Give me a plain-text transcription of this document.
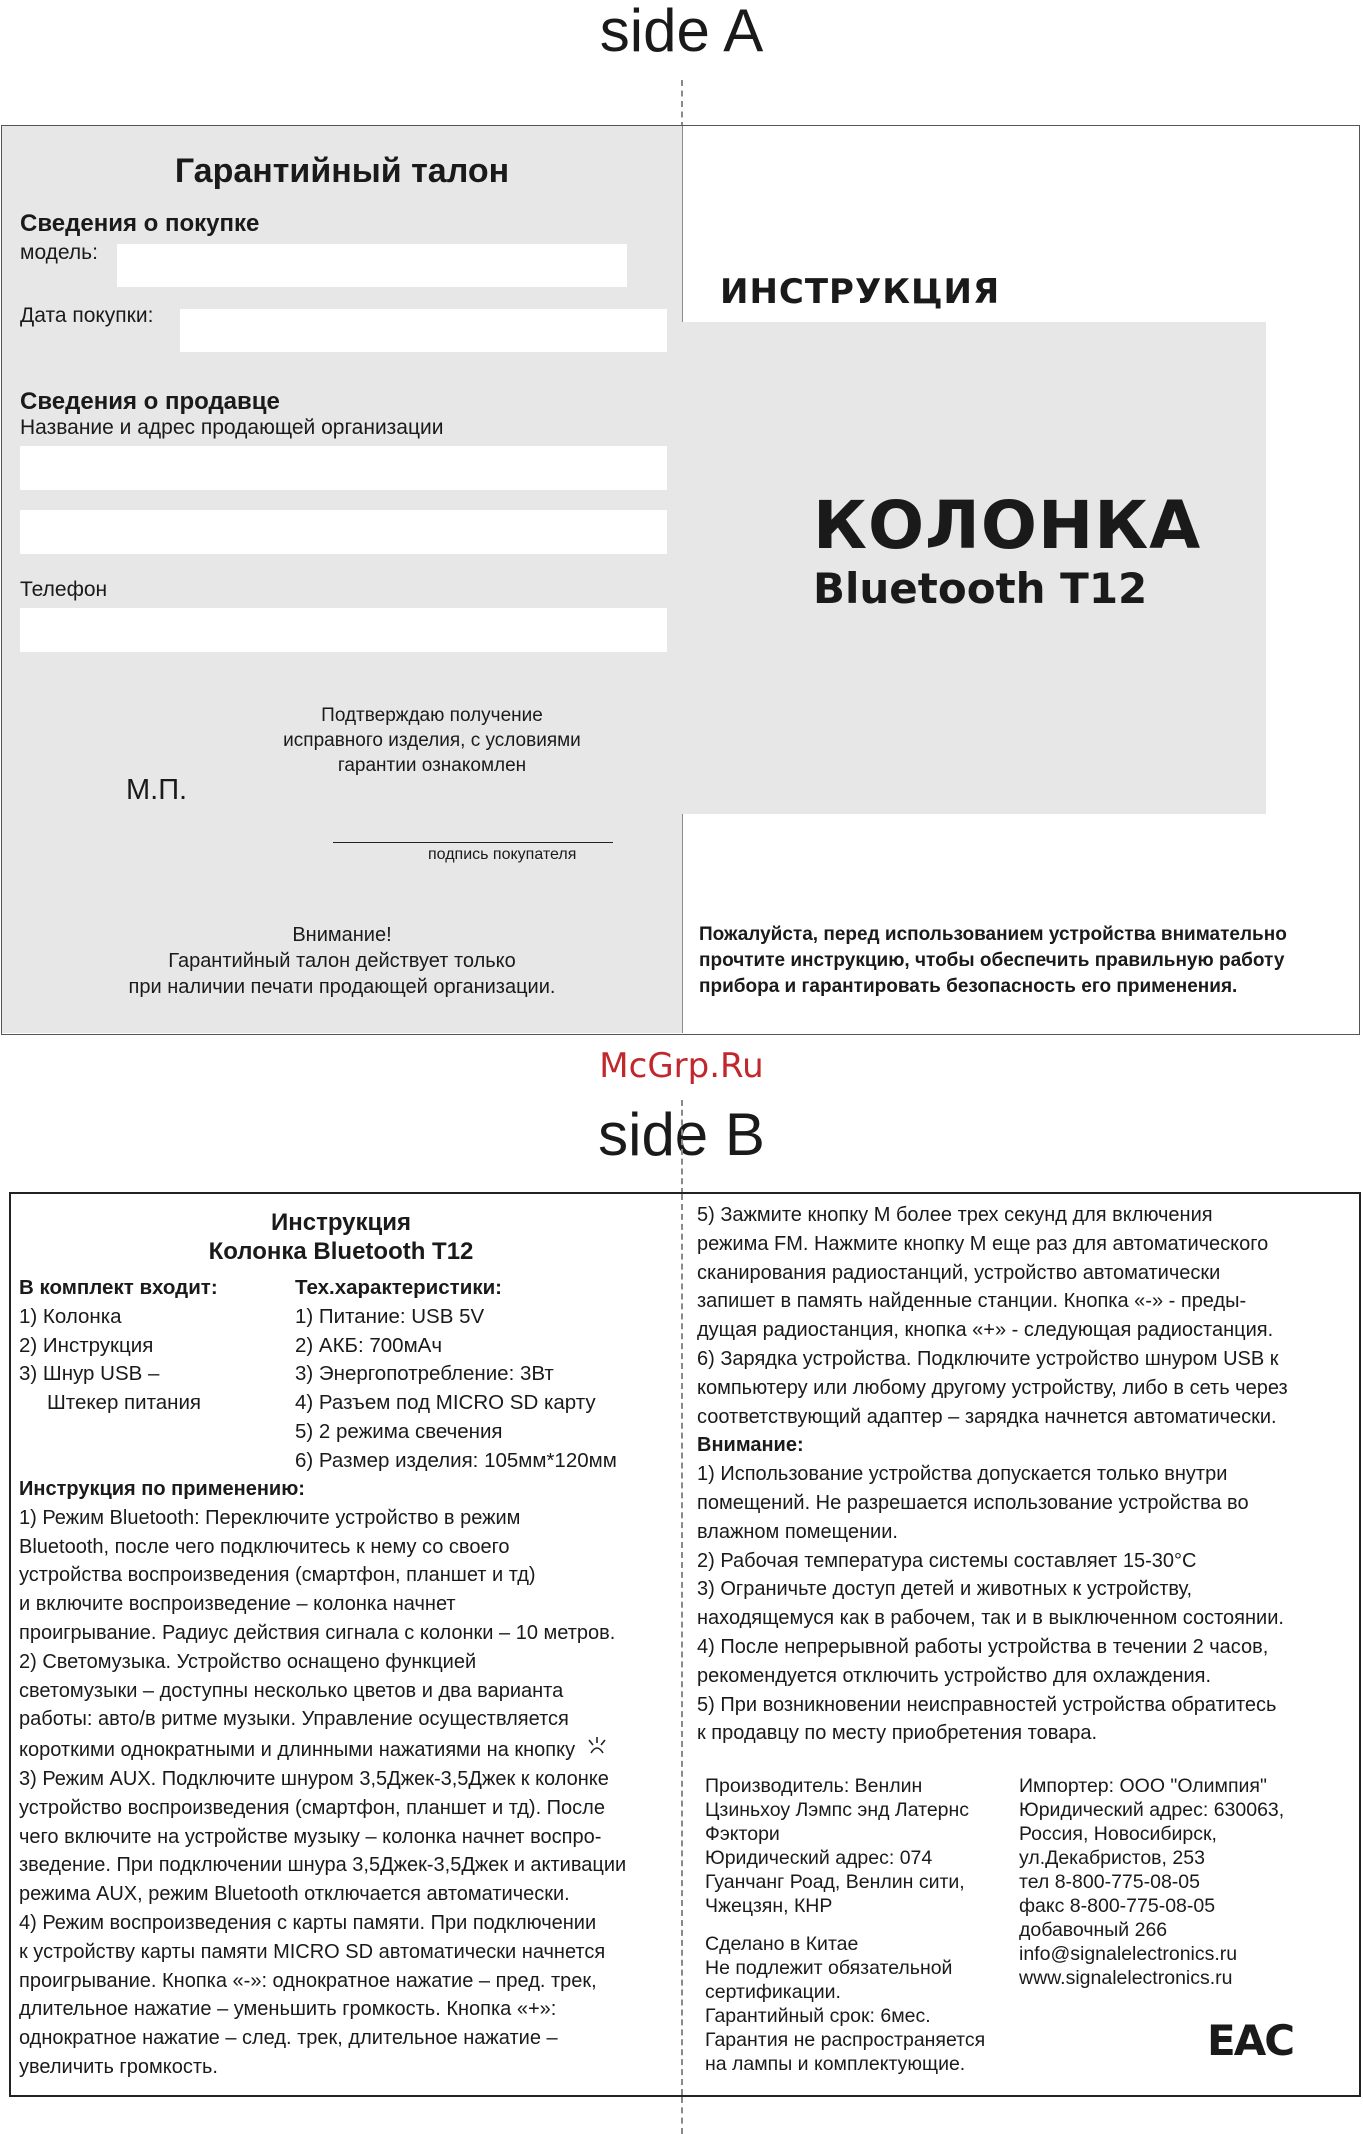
side A
Гарантийный талон
Сведения о покупке
модель:
Дата покупки:
Сведения о продавце
Название и адрес продающей организации
Телефон
Подтверждаю получение
исправного изделия, с условиями
гарантии ознакомлен
М.П.
подпись покупателя
Внимание!
Гарантийный талон действует только
при наличии печати продающей организации.
ИНСТРУКЦИЯ
КОЛОНКА
Bluetooth T12
Пожалуйста, перед использованием устройства внимательно
прочтите инструкцию, чтобы обеспечить правильную работу
прибора и гарантировать безопасность его применения.
McGrp.Ru
side B
Инструкция
Колонка Bluetooth T12
В комплект входит:
1) Колонка
2) Инструкция
3) Шнур USB –
Штекер питания
Тех.характеристики:
1) Питание: USB 5V
2) АКБ: 700мАч
3) Энергопотребление: 3Вт
4) Разъем под MICRO SD карту
5) 2 режима свечения
6) Размер изделия: 105мм*120мм
Инструкция по применению:
1) Режим Bluetooth: Переключите устройство в режим
Bluetooth, после чего подключитесь к нему со своего
устройства воспроизведения (смартфон, планшет и тд)
и включите воспроизведение – колонка начнет
проигрывание. Радиус действия сигнала с колонки – 10 метров.
2) Светомузыка. Устройство оснащено функцией
светомузыки – доступны несколько цветов и два варианта
работы: авто/в ритме музыки. Управление осуществляется
короткими однократными и длинными нажатиями на кнопку
3) Режим AUX. Подключите шнуром 3,5Джек-3,5Джек к колонке
устройство воспроизведения (смартфон, планшет и тд). После
чего включите на устройстве музыку – колонка начнет воспро-
зведение. При подключении шнура 3,5Джек-3,5Джек и активации
режима AUX, режим Bluetooth отключается автоматически.
4) Режим воспроизведения с карты памяти. При подключении
к устройству карты памяти MICRO SD автоматически начнется
проигрывание. Кнопка «-»: однократное нажатие – пред. трек,
длительное нажатие – уменьшить громкость. Кнопка «+»:
однократное нажатие – след. трек, длительное нажатие –
увеличить громкость.
5) Зажмите кнопку М более трех секунд для включения
режима FM. Нажмите кнопку М еще раз для автоматического
сканирования радиостанций, устройство автоматически
запишет в память найденные станции. Кнопка «-» - преды-
дущая радиостанция, кнопка «+» - следующая радиостанция.
6) Зарядка устройства. Подключите устройство шнуром USB к
компьютеру или любому другому устройству, либо в сеть через
соответствующий адаптер – зарядка начнется автоматически.
Внимание:
1) Использование устройства допускается только внутри
помещений. Не разрешается использование устройства во
влажном помещении.
2) Рабочая температура системы составляет 15-30°С
3) Ограничьте доступ детей и животных к устройству,
находящемуся как в рабочем, так и в выключенном состоянии.
4) После непрерывной работы устройства в течении 2 часов,
рекомендуется отключить устройство для охлаждения.
5) При возникновении неисправностей устройства обратитесь
к продавцу по месту приобретения товара.
Производитель: Венлин
Цзиньхоу Лэмпс энд Латернс
Фэктори
Юридический адрес: 074
Гуанчанг Роад, Венлин сити,
Чжецзян, КНР
Сделано в Китае
Не подлежит обязательной
сертификации.
Гарантийный срок: 6мес.
Гарантия не распространяется
на лампы и комплектующие.
Импортер: ООО "Олимпия"
Юридический адрес: 630063,
Россия, Новосибирск,
ул.Декабристов, 253
тел 8-800-775-08-05
факс 8-800-775-08-05
добавочный 266
info@signalelectronics.ru
www.signalelectronics.ru
EAC
